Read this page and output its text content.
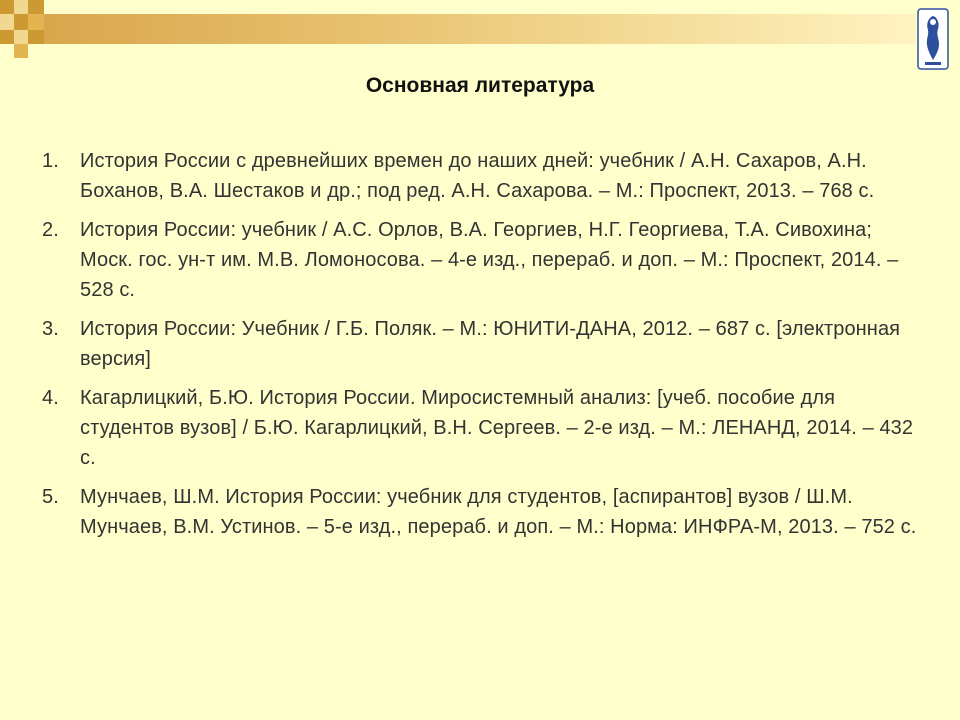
Основная литература
1. История России с древнейших времен до наших дней: учебник / А.Н. Сахаров, А.Н. Боханов, В.А. Шестаков и др.; под ред. А.Н. Сахарова. – М.: Проспект, 2013. – 768 с.
2. История России: учебник / А.С. Орлов, В.А. Георгиев, Н.Г. Георгиева, Т.А. Сивохина; Моск. гос. ун-т им. М.В. Ломоносова. – 4-е изд., перераб. и доп. – М.: Проспект, 2014. – 528 с.
3. История России: Учебник / Г.Б. Поляк. – М.: ЮНИТИ-ДАНА, 2012. – 687 с. [электронная версия]
4. Кагарлицкий, Б.Ю. История России. Миросистемный анализ: [учеб. пособие для студентов вузов] / Б.Ю. Кагарлицкий, В.Н. Сергеев. – 2-е изд. – М.: ЛЕНАНД, 2014. – 432 с.
5. Мунчаев, Ш.М. История России: учебник для студентов, [аспирантов] вузов / Ш.М. Мунчаев, В.М. Устинов. – 5-е изд., перераб. и доп. – М.: Норма: ИНФРА-М, 2013. – 752 с.
